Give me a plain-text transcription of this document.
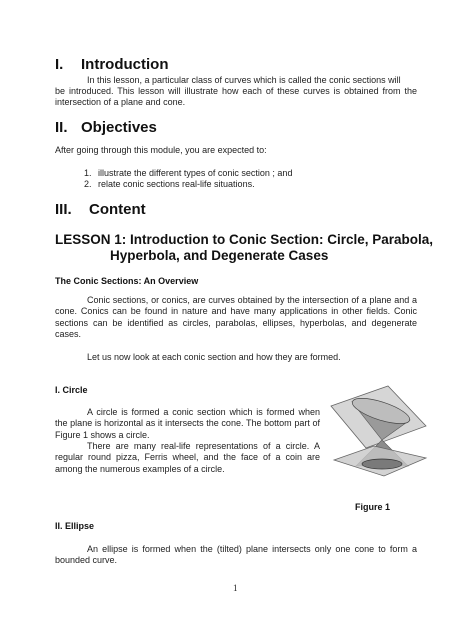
I. Introduction
In this lesson, a particular class of curves which is called the conic sections will
be introduced. This lesson will illustrate how each of these curves is obtained from the intersection of a plane and cone.
II. Objectives
After going through this module, you are expected to:
1. illustrate the different types of conic section ; and
2. relate conic sections real-life situations.
III. Content
LESSON 1: Introduction to Conic Section: Circle, Parabola,
Hyperbola, and Degenerate Cases
The Conic Sections: An Overview
Conic sections, or conics, are curves obtained by the intersection of a plane and a cone. Conics can be found in nature and have many applications in other fields. Conic sections can be identified as circles, parabolas, ellipses, hyperbolas, and degenerate cases.
Let us now look at each conic section and how they are formed.
I. Circle
A circle is formed a conic section which is formed when the plane is horizontal as it intersects the cone. The bottom part of Figure 1 shows a circle.
There are many real-life representations of a circle. A regular round pizza, Ferris wheel, and the face of a coin are among the numerous examples of a circle.
Figure 1
II. Ellipse
An ellipse is formed when the (tilted) plane intersects only one cone to form a bounded curve.
1
